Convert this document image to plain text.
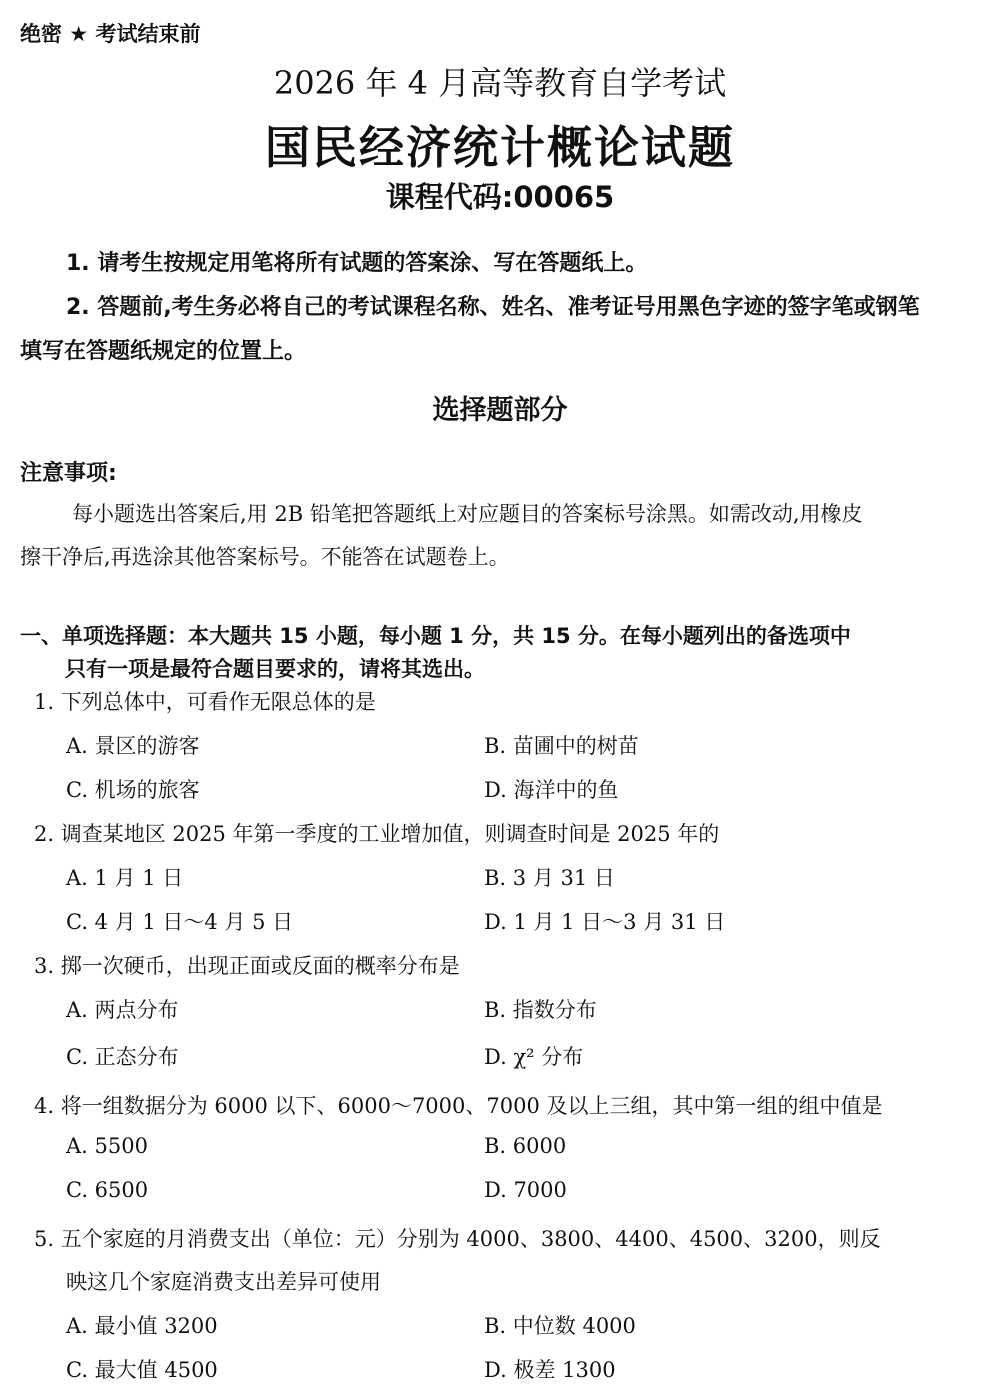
绝密 ★ 考试结束前
2026 年 4 月高等教育自学考试
国民经济统计概论试题
课程代码:00065
1. 请考生按规定用笔将所有试题的答案涂、写在答题纸上。
2. 答题前,考生务必将自己的考试课程名称、姓名、准考证号用黑色字迹的签字笔或钢笔
填写在答题纸规定的位置上。
选择题部分
注意事项:
每小题选出答案后,用 2B 铅笔把答题纸上对应题目的答案标号涂黑。如需改动,用橡皮
擦干净后,再选涂其他答案标号。不能答在试题卷上。
一、单项选择题：本大题共 15 小题，每小题 1 分，共 15 分。在每小题列出的备选项中
只有一项是最符合题目要求的，请将其选出。
1. 下列总体中，可看作无限总体的是
A. 景区的游客	B. 苗圃中的树苗
C. 机场的旅客	D. 海洋中的鱼
2. 调查某地区 2025 年第一季度的工业增加值，则调查时间是 2025 年的
A. 1 月 1 日	B. 3 月 31 日
C. 4 月 1 日～4 月 5 日	D. 1 月 1 日～3 月 31 日
3. 掷一次硬币，出现正面或反面的概率分布是
A. 两点分布	B. 指数分布
C. 正态分布	D. χ² 分布
4. 将一组数据分为 6000 以下、6000～7000、7000 及以上三组，其中第一组的组中值是
A. 5500	B. 6000
C. 6500	D. 7000
5. 五个家庭的月消费支出（单位：元）分别为 4000、3800、4400、4500、3200，则反
映这几个家庭消费支出差异可使用
A. 最小值 3200	B. 中位数 4000
C. 最大值 4500	D. 极差 1300
